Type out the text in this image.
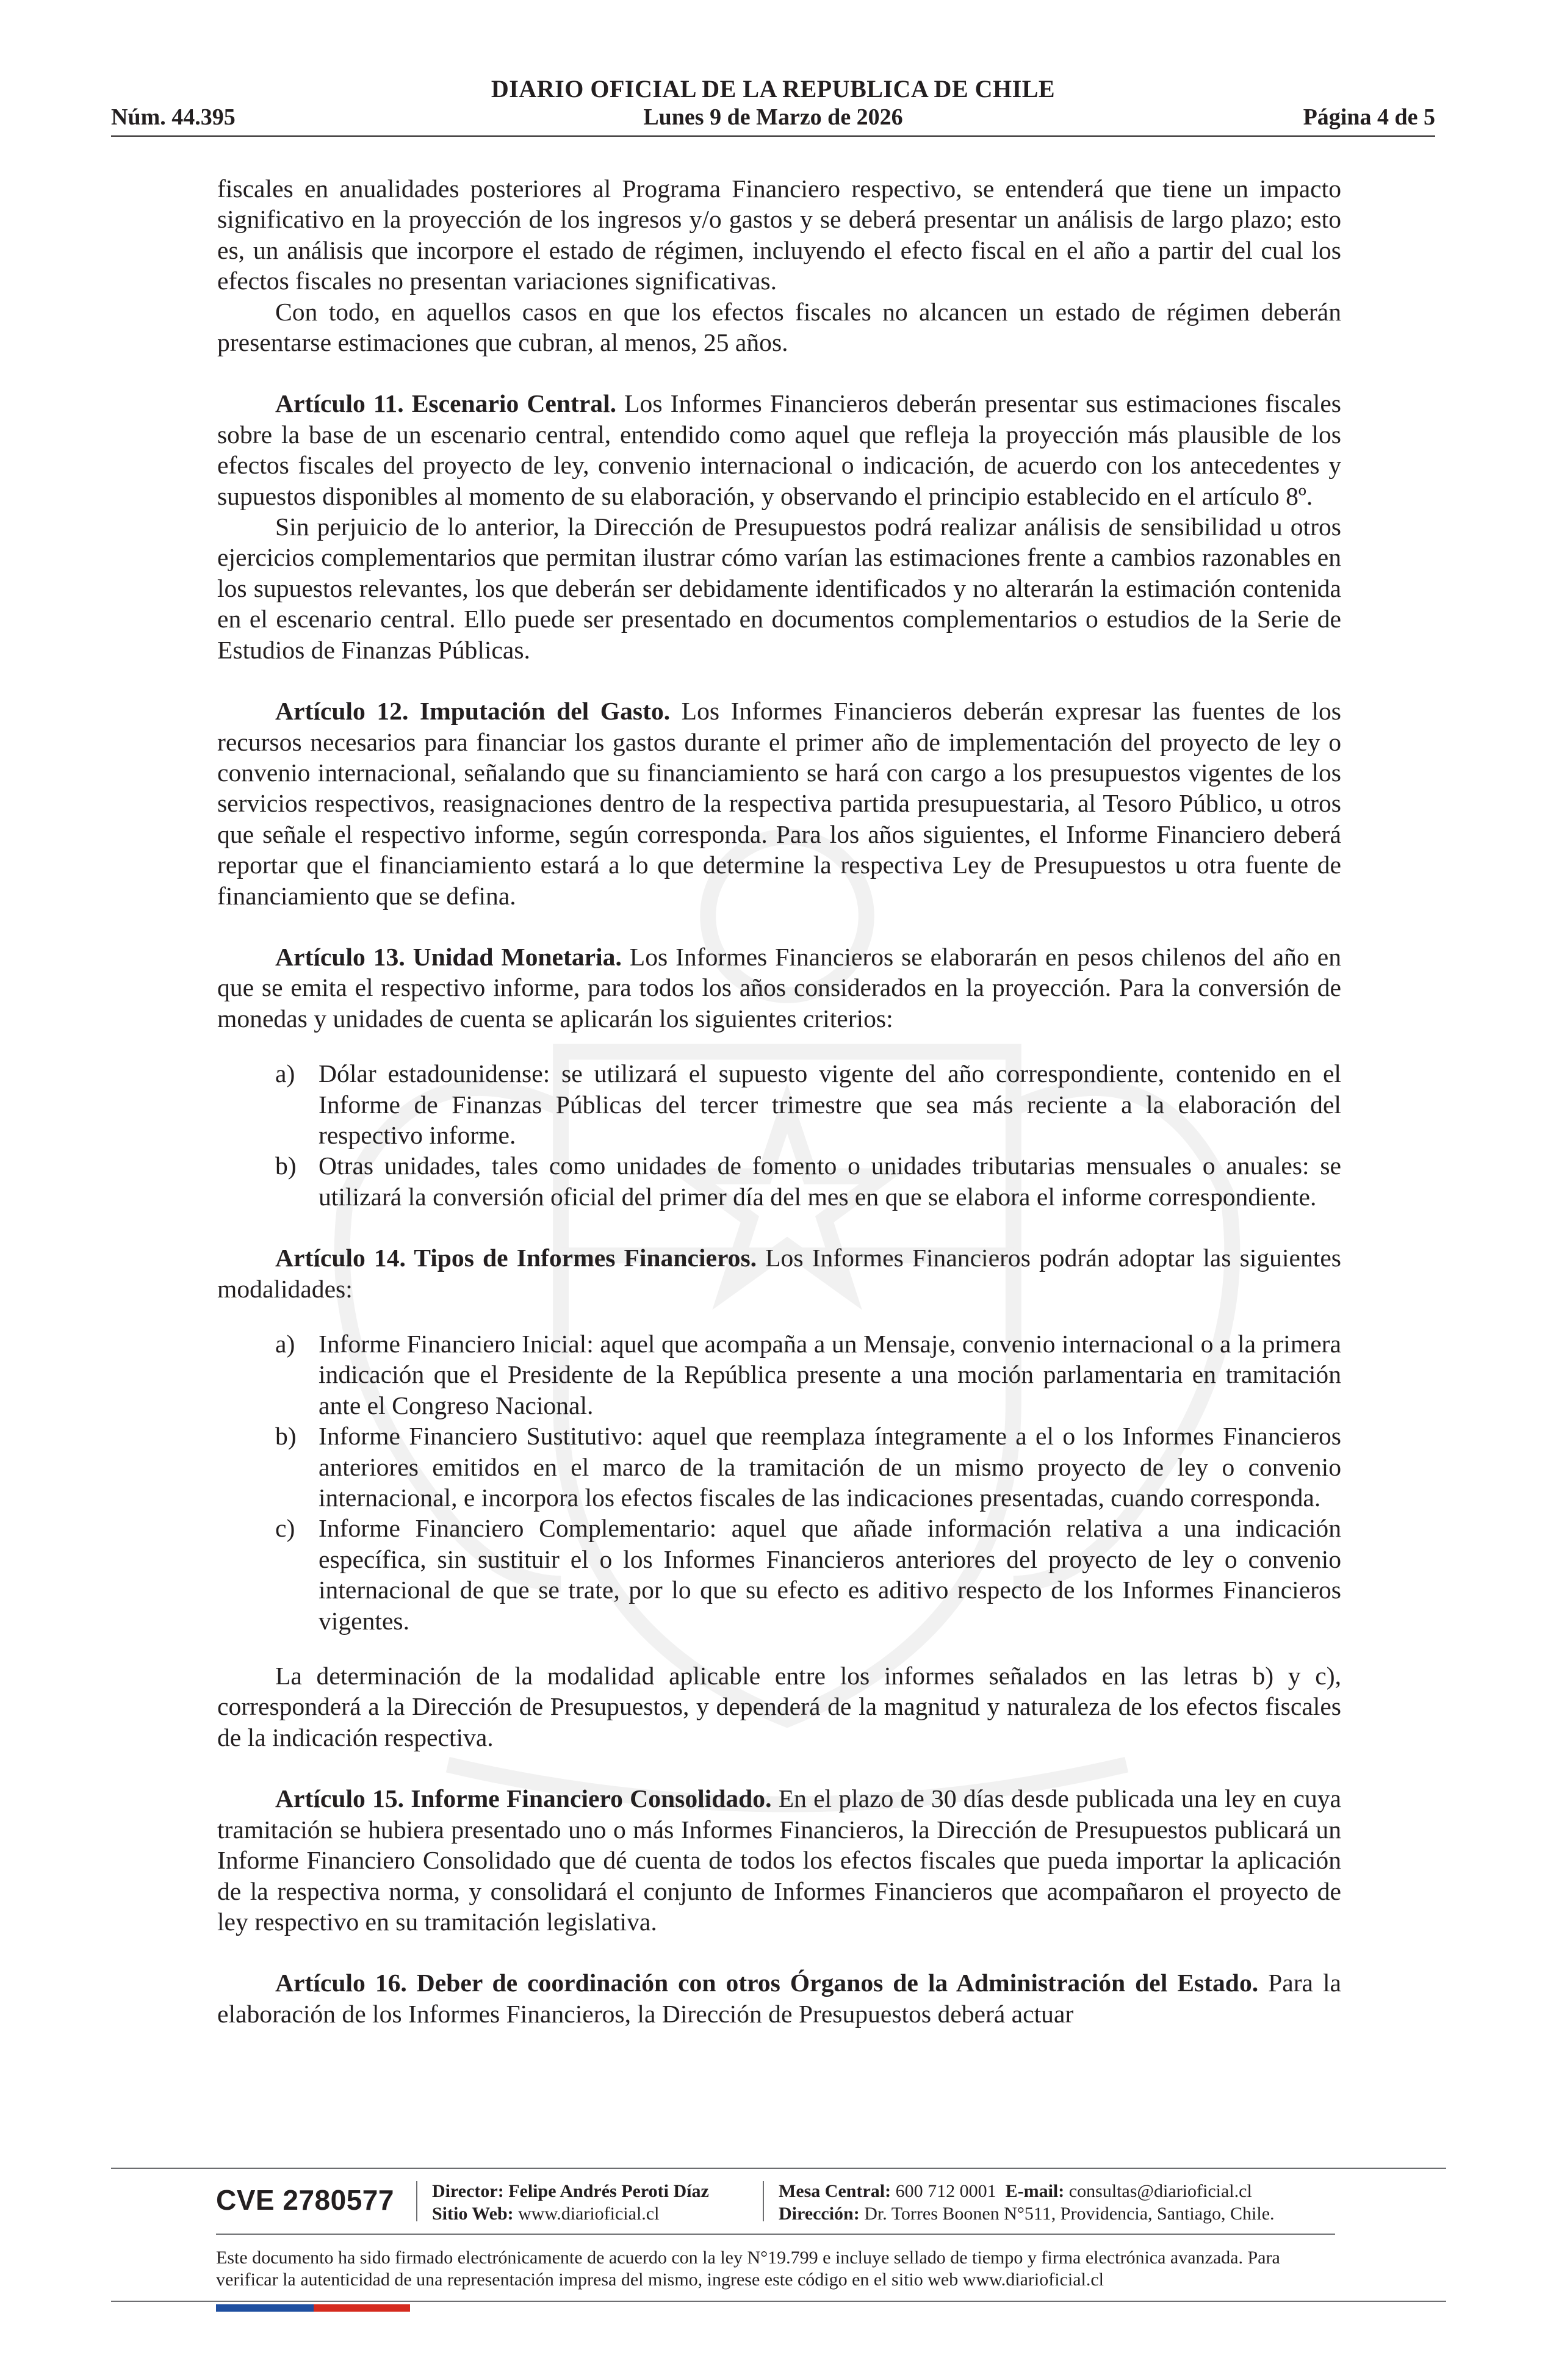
DIARIO OFICIAL DE LA REPUBLICA DE CHILE
Núm. 44.395	Lunes 9 de Marzo de 2026	Página 4 de 5

fiscales en anualidades posteriores al Programa Financiero respectivo, se entenderá que tiene un impacto significativo en la proyección de los ingresos y/o gastos y se deberá presentar un análisis de largo plazo; esto es, un análisis que incorpore el estado de régimen, incluyendo el efecto fiscal en el año a partir del cual los efectos fiscales no presentan variaciones significativas.

Con todo, en aquellos casos en que los efectos fiscales no alcancen un estado de régimen deberán presentarse estimaciones que cubran, al menos, 25 años.

Artículo 11. Escenario Central. Los Informes Financieros deberán presentar sus estimaciones fiscales sobre la base de un escenario central, entendido como aquel que refleja la proyección más plausible de los efectos fiscales del proyecto de ley, convenio internacional o indicación, de acuerdo con los antecedentes y supuestos disponibles al momento de su elaboración, y observando el principio establecido en el artículo 8º.

Sin perjuicio de lo anterior, la Dirección de Presupuestos podrá realizar análisis de sensibilidad u otros ejercicios complementarios que permitan ilustrar cómo varían las estimaciones frente a cambios razonables en los supuestos relevantes, los que deberán ser debidamente identificados y no alterarán la estimación contenida en el escenario central. Ello puede ser presentado en documentos complementarios o estudios de la Serie de Estudios de Finanzas Públicas.

Artículo 12. Imputación del Gasto. Los Informes Financieros deberán expresar las fuentes de los recursos necesarios para financiar los gastos durante el primer año de implementación del proyecto de ley o convenio internacional, señalando que su financiamiento se hará con cargo a los presupuestos vigentes de los servicios respectivos, reasignaciones dentro de la respectiva partida presupuestaria, al Tesoro Público, u otros que señale el respectivo informe, según corresponda. Para los años siguientes, el Informe Financiero deberá reportar que el financiamiento estará a lo que determine la respectiva Ley de Presupuestos u otra fuente de financiamiento que se defina.

Artículo 13. Unidad Monetaria. Los Informes Financieros se elaborarán en pesos chilenos del año en que se emita el respectivo informe, para todos los años considerados en la proyección. Para la conversión de monedas y unidades de cuenta se aplicarán los siguientes criterios:

a) Dólar estadounidense: se utilizará el supuesto vigente del año correspondiente, contenido en el Informe de Finanzas Públicas del tercer trimestre que sea más reciente a la elaboración del respectivo informe.
b) Otras unidades, tales como unidades de fomento o unidades tributarias mensuales o anuales: se utilizará la conversión oficial del primer día del mes en que se elabora el informe correspondiente.

Artículo 14. Tipos de Informes Financieros. Los Informes Financieros podrán adoptar las siguientes modalidades:

a) Informe Financiero Inicial: aquel que acompaña a un Mensaje, convenio internacional o a la primera indicación que el Presidente de la República presente a una moción parlamentaria en tramitación ante el Congreso Nacional.
b) Informe Financiero Sustitutivo: aquel que reemplaza íntegramente a el o los Informes Financieros anteriores emitidos en el marco de la tramitación de un mismo proyecto de ley o convenio internacional, e incorpora los efectos fiscales de las indicaciones presentadas, cuando corresponda.
c) Informe Financiero Complementario: aquel que añade información relativa a una indicación específica, sin sustituir el o los Informes Financieros anteriores del proyecto de ley o convenio internacional de que se trate, por lo que su efecto es aditivo respecto de los Informes Financieros vigentes.

La determinación de la modalidad aplicable entre los informes señalados en las letras b) y c), corresponderá a la Dirección de Presupuestos, y dependerá de la magnitud y naturaleza de los efectos fiscales de la indicación respectiva.

Artículo 15. Informe Financiero Consolidado. En el plazo de 30 días desde publicada una ley en cuya tramitación se hubiera presentado uno o más Informes Financieros, la Dirección de Presupuestos publicará un Informe Financiero Consolidado que dé cuenta de todos los efectos fiscales que pueda importar la aplicación de la respectiva norma, y consolidará el conjunto de Informes Financieros que acompañaron el proyecto de ley respectivo en su tramitación legislativa.

Artículo 16. Deber de coordinación con otros Órganos de la Administración del Estado. Para la elaboración de los Informes Financieros, la Dirección de Presupuestos deberá actuar

CVE 2780577 Director: Felipe Andrés Peroti Díaz
Sitio Web: www.diarioficial.cl
Mesa Central: 600 712 0001 E-mail: consultas@diarioficial.cl
Dirección: Dr. Torres Boonen N°511, Providencia, Santiago, Chile.
Este documento ha sido firmado electrónicamente de acuerdo con la ley N°19.799 e incluye sellado de tiempo y firma electrónica avanzada. Para verificar la autenticidad de una representación impresa del mismo, ingrese este código en el sitio web www.diarioficial.cl
